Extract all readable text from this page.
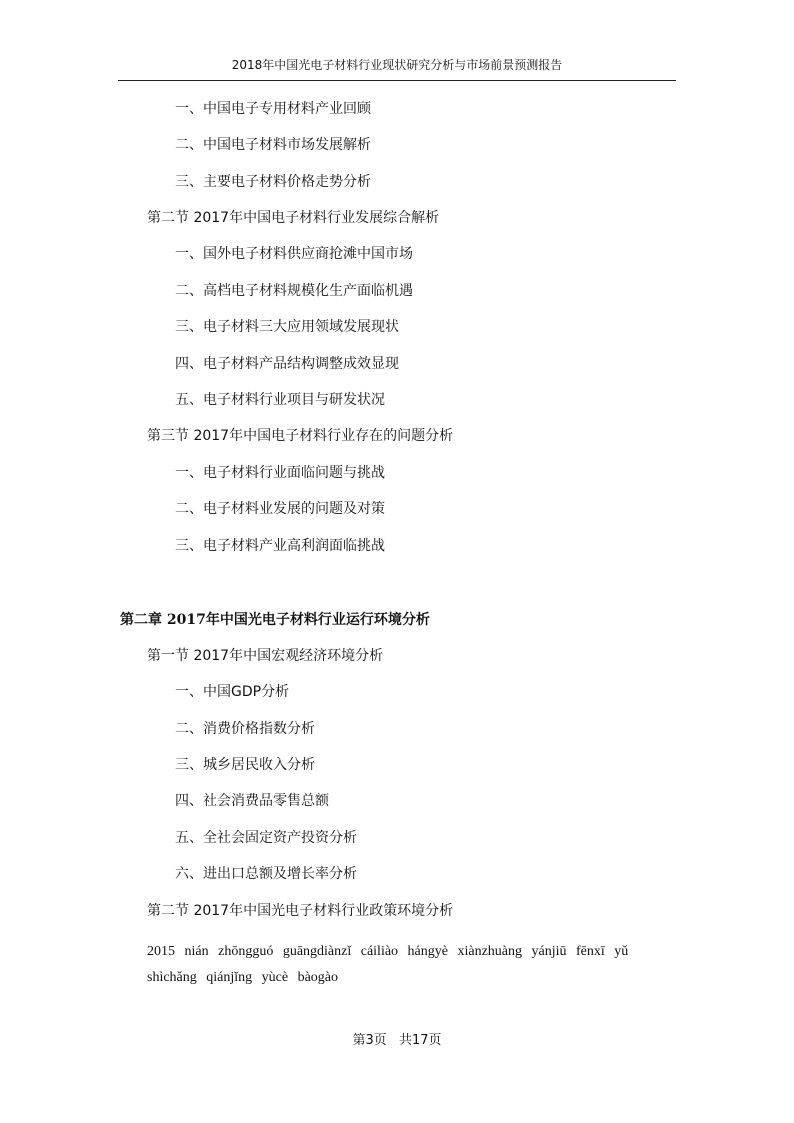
2018年中国光电子材料行业现状研究分析与市场前景预测报告
一、中国电子专用材料产业回顾
二、中国电子材料市场发展解析
三、主要电子材料价格走势分析
第二节 2017年中国电子材料行业发展综合解析
一、国外电子材料供应商抢滩中国市场
二、高档电子材料规模化生产面临机遇
三、电子材料三大应用领域发展现状
四、电子材料产品结构调整成效显现
五、电子材料行业项目与研发状况
第三节 2017年中国电子材料行业存在的问题分析
一、电子材料行业面临问题与挑战
二、电子材料业发展的问题及对策
三、电子材料产业高利润面临挑战
第二章 2017年中国光电子材料行业运行环境分析
第一节 2017年中国宏观经济环境分析
一、中国GDP分析
二、消费价格指数分析
三、城乡居民收入分析
四、社会消费品零售总额
五、全社会固定资产投资分析
六、进出口总额及增长率分析
第二节 2017年中国光电子材料行业政策环境分析
2015 nián zhōngguó guāngdiànzǐ cáiliào hángyè xiànzhuàng yánjiū fēnxī yǔ shìchǎng qiánjǐng yùcè bàogào
第3页 共17页
